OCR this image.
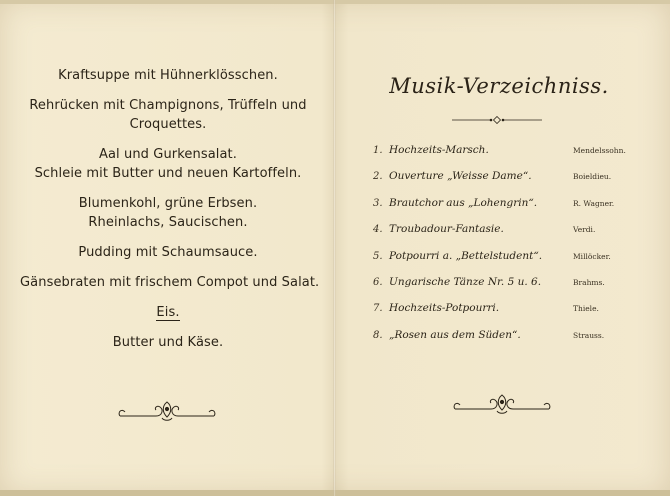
Kraftsuppe mit Hühnerklösschen.
Rehrücken mit Champignons, Trüffeln und
Croquettes.
Aal und Gurkensalat.
Schleie mit Butter und neuen Kartoffeln.
Blumenkohl, grüne Erbsen.
Rheinlachs, Saucischen.
Pudding mit Schaumsauce.
Gänsebraten mit frischem Compot und Salat.
Eis.
Butter und Käse.
Musik-Verzeichniss.
1. Hochzeits-Marsch.	Mendelssohn.
2. Ouverture „Weisse Dame“.	Boieldieu.
3. Brautchor aus „Lohengrin“.	R. Wagner.
4. Troubadour-Fantasie.	Verdi.
5. Potpourri a. „Bettelstudent“.	Millöcker.
6. Ungarische Tänze Nr. 5 u. 6.	Brahms.
7. Hochzeits-Potpourri.	Thiele.
8. „Rosen aus dem Süden“.	Strauss.
